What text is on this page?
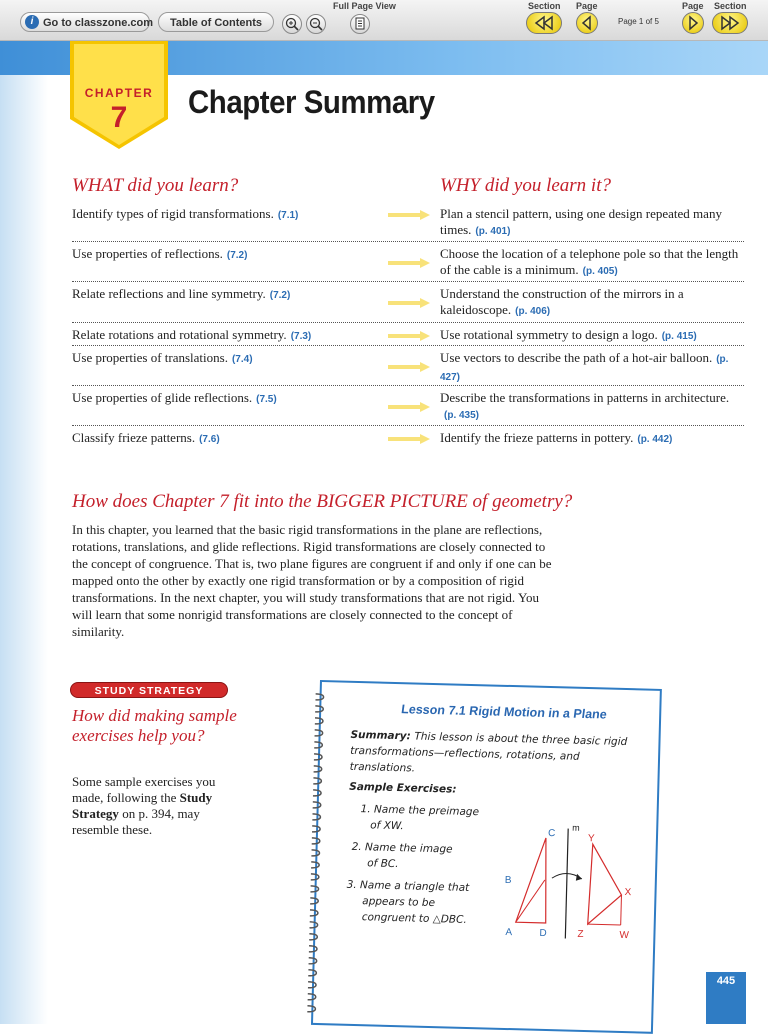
i Go to classzone.com	Table of Contents
Full Page View	Section Page
Page 1 of 5
Page Section
CHAPTER
7 Chapter Summary
WHAT did you learn?	WHY did you learn it?
Identify types of rigid transformations. (7.1)	Plan a stencil pattern, using one design repeated many times. (p. 401)
Use properties of reflections. (7.2)	Choose the location of a telephone pole so that the length of the cable is a minimum. (p. 405)
Relate reflections and line symmetry. (7.2)	Understand the construction of the mirrors in a kaleidoscope. (p. 406)
Relate rotations and rotational symmetry. (7.3)	Use rotational symmetry to design a logo. (p. 415)
Use properties of translations. (7.4)	Use vectors to describe the path of a hot-air balloon. (p. 427)
Use properties of glide reflections. (7.5)	Describe the transformations in patterns in architecture.(p. 435)
Classify frieze patterns. (7.6)	Identify the frieze patterns in pottery. (p. 442)
How does Chapter 7 fit into the BIGGER PICTURE of geometry?
In this chapter, you learned that the basic rigid transformations in the plane are reflections, rotations, translations, and glide reflections. Rigid transformations are closely connected to the concept of congruence. That is, two plane figures are congruent if and only if one can be mapped onto the other by exactly one rigid transformation or by a composition of rigid transformations. In the next chapter, you will study transformations that are not rigid. You will learn that some nonrigid transformations are closely connected to the concept of similarity.
STUDY STRATEGY
How did making sample exercises help you?
Some sample exercises you made, following the Study Strategy on p. 394, may resemble these.
Lesson 7.1 Rigid Motion in a Plane
Summary: This lesson is about the three basic rigid transformations—reflections, rotations, and translations.
Sample Exercises:
1. Name the preimage
of XW.
2. Name the image
of BC.
3. Name a triangle that
appears to be
congruent to △DBC.
m
C
B
A	D
Y
X
Z	W
445
